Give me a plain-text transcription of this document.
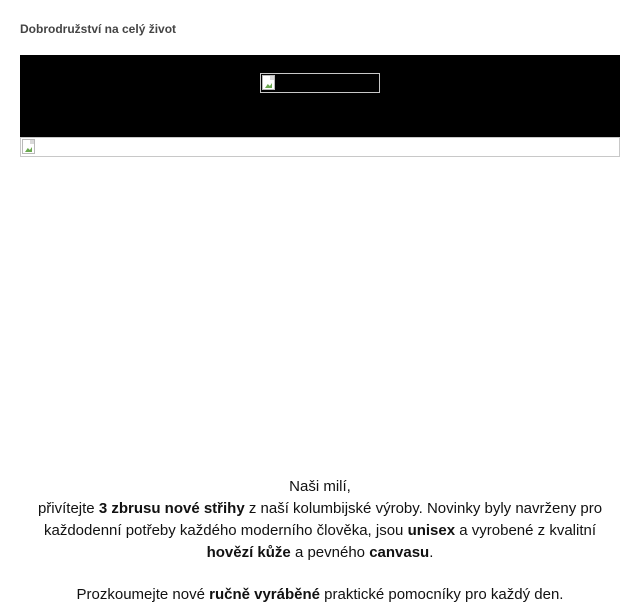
Dobrodružství na celý život

Naši milí,

přivítejte 3 zbrusu nové střihy z naší kolumbijské výroby. Novinky byly navrženy pro každodenní potřeby každého moderního člověka, jsou unisex a vyrobené z kvalitní hovězí kůže a pevného canvasu.

Prozkoumejte nové ručně vyráběné praktické pomocníky pro každý den.
